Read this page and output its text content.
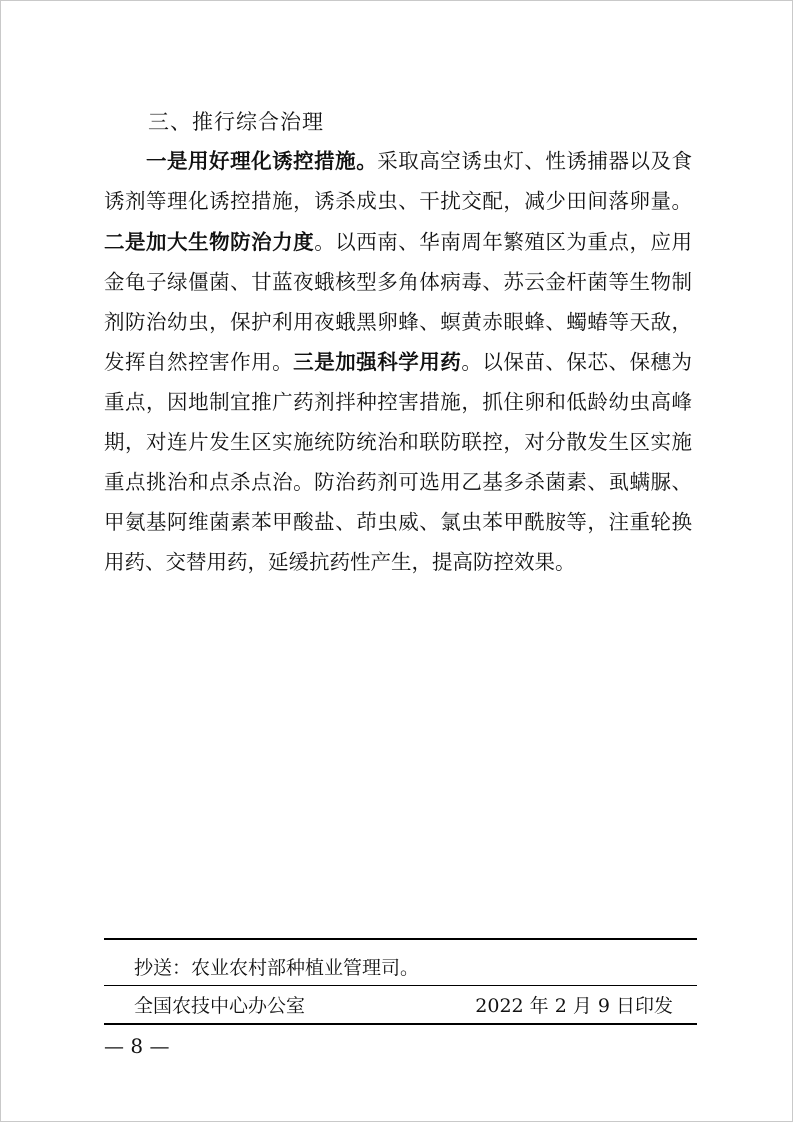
三、推行综合治理
一是用好理化诱控措施。采取高空诱虫灯、性诱捕器以及食
诱剂等理化诱控措施，诱杀成虫、干扰交配，减少田间落卵量。
二是加大生物防治力度。以西南、华南周年繁殖区为重点，应用
金龟子绿僵菌、甘蓝夜蛾核型多角体病毒、苏云金杆菌等生物制
剂防治幼虫，保护利用夜蛾黑卵蜂、螟黄赤眼蜂、蠋蝽等天敌，
发挥自然控害作用。三是加强科学用药。以保苗、保芯、保穗为
重点，因地制宜推广药剂拌种控害措施，抓住卵和低龄幼虫高峰
期，对连片发生区实施统防统治和联防联控，对分散发生区实施
重点挑治和点杀点治。防治药剂可选用乙基多杀菌素、虱螨脲、
甲氨基阿维菌素苯甲酸盐、茚虫威、氯虫苯甲酰胺等，注重轮换
用药、交替用药，延缓抗药性产生，提高防控效果。
抄送：农业农村部种植业管理司。
全国农技中心办公室	2022 年 2 月 9 日印发
— 8 —
